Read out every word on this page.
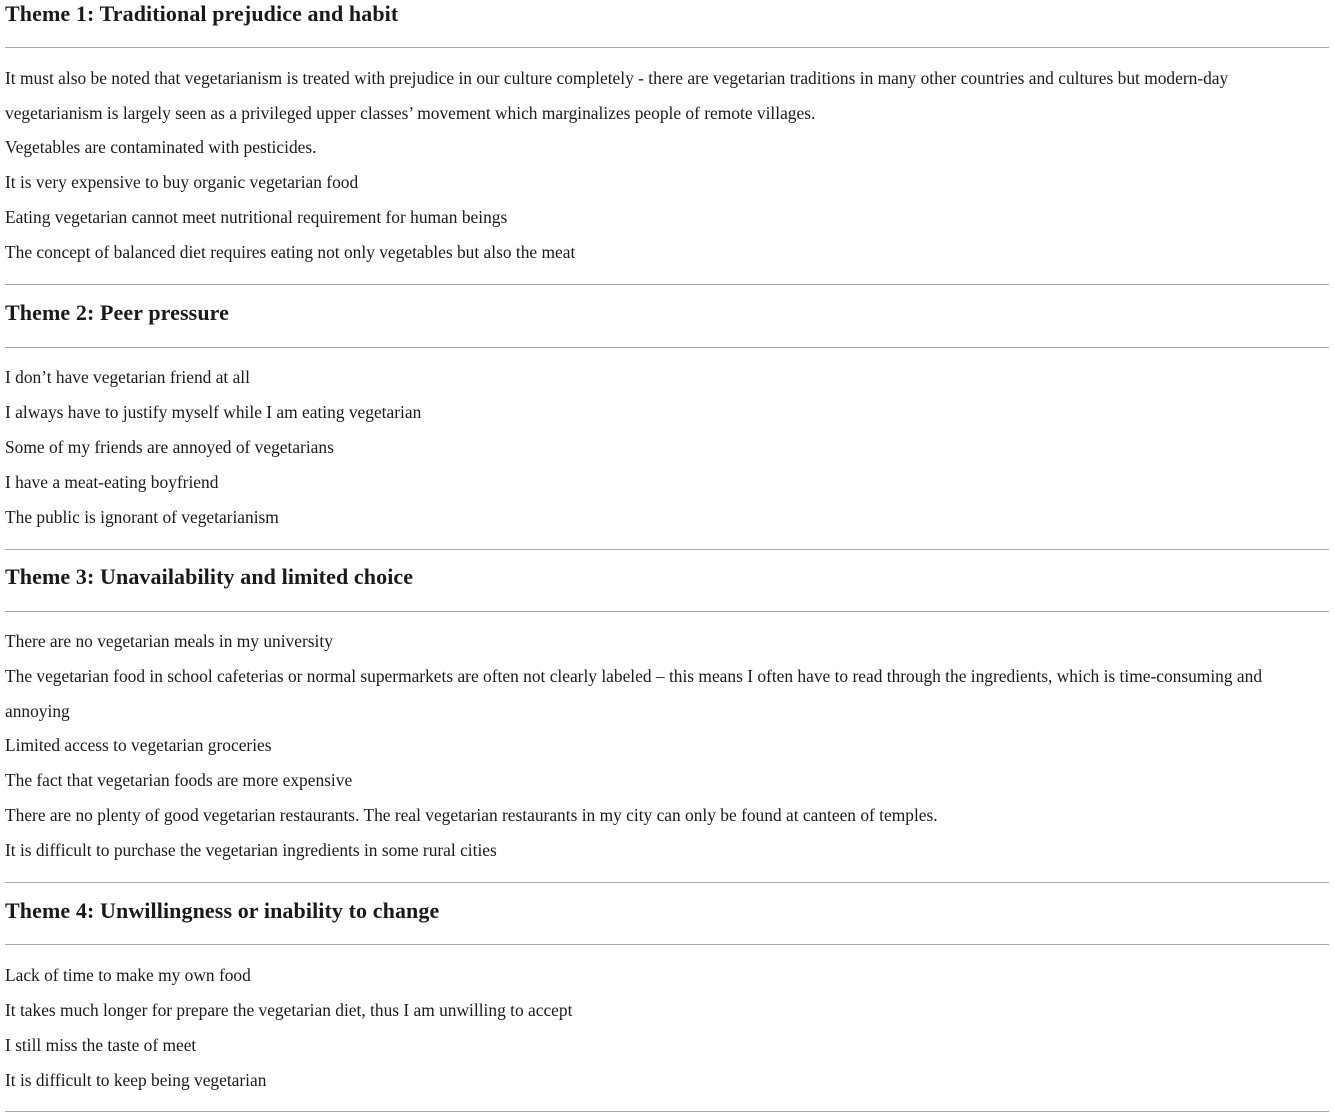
Theme 1: Traditional prejudice and habit
It must also be noted that vegetarianism is treated with prejudice in our culture completely - there are vegetarian traditions in many other countries and cultures but modern-day vegetarianism is largely seen as a privileged upper classes’ movement which marginalizes people of remote villages.
Vegetables are contaminated with pesticides.
It is very expensive to buy organic vegetarian food
Eating vegetarian cannot meet nutritional requirement for human beings
The concept of balanced diet requires eating not only vegetables but also the meat
Theme 2: Peer pressure
I don’t have vegetarian friend at all
I always have to justify myself while I am eating vegetarian
Some of my friends are annoyed of vegetarians
I have a meat-eating boyfriend
The public is ignorant of vegetarianism
Theme 3: Unavailability and limited choice
There are no vegetarian meals in my university
The vegetarian food in school cafeterias or normal supermarkets are often not clearly labeled – this means I often have to read through the ingredients, which is time-consuming and annoying
Limited access to vegetarian groceries
The fact that vegetarian foods are more expensive
There are no plenty of good vegetarian restaurants. The real vegetarian restaurants in my city can only be found at canteen of temples.
It is difficult to purchase the vegetarian ingredients in some rural cities
Theme 4: Unwillingness or inability to change
Lack of time to make my own food
It takes much longer for prepare the vegetarian diet, thus I am unwilling to accept
I still miss the taste of meet
It is difficult to keep being vegetarian
